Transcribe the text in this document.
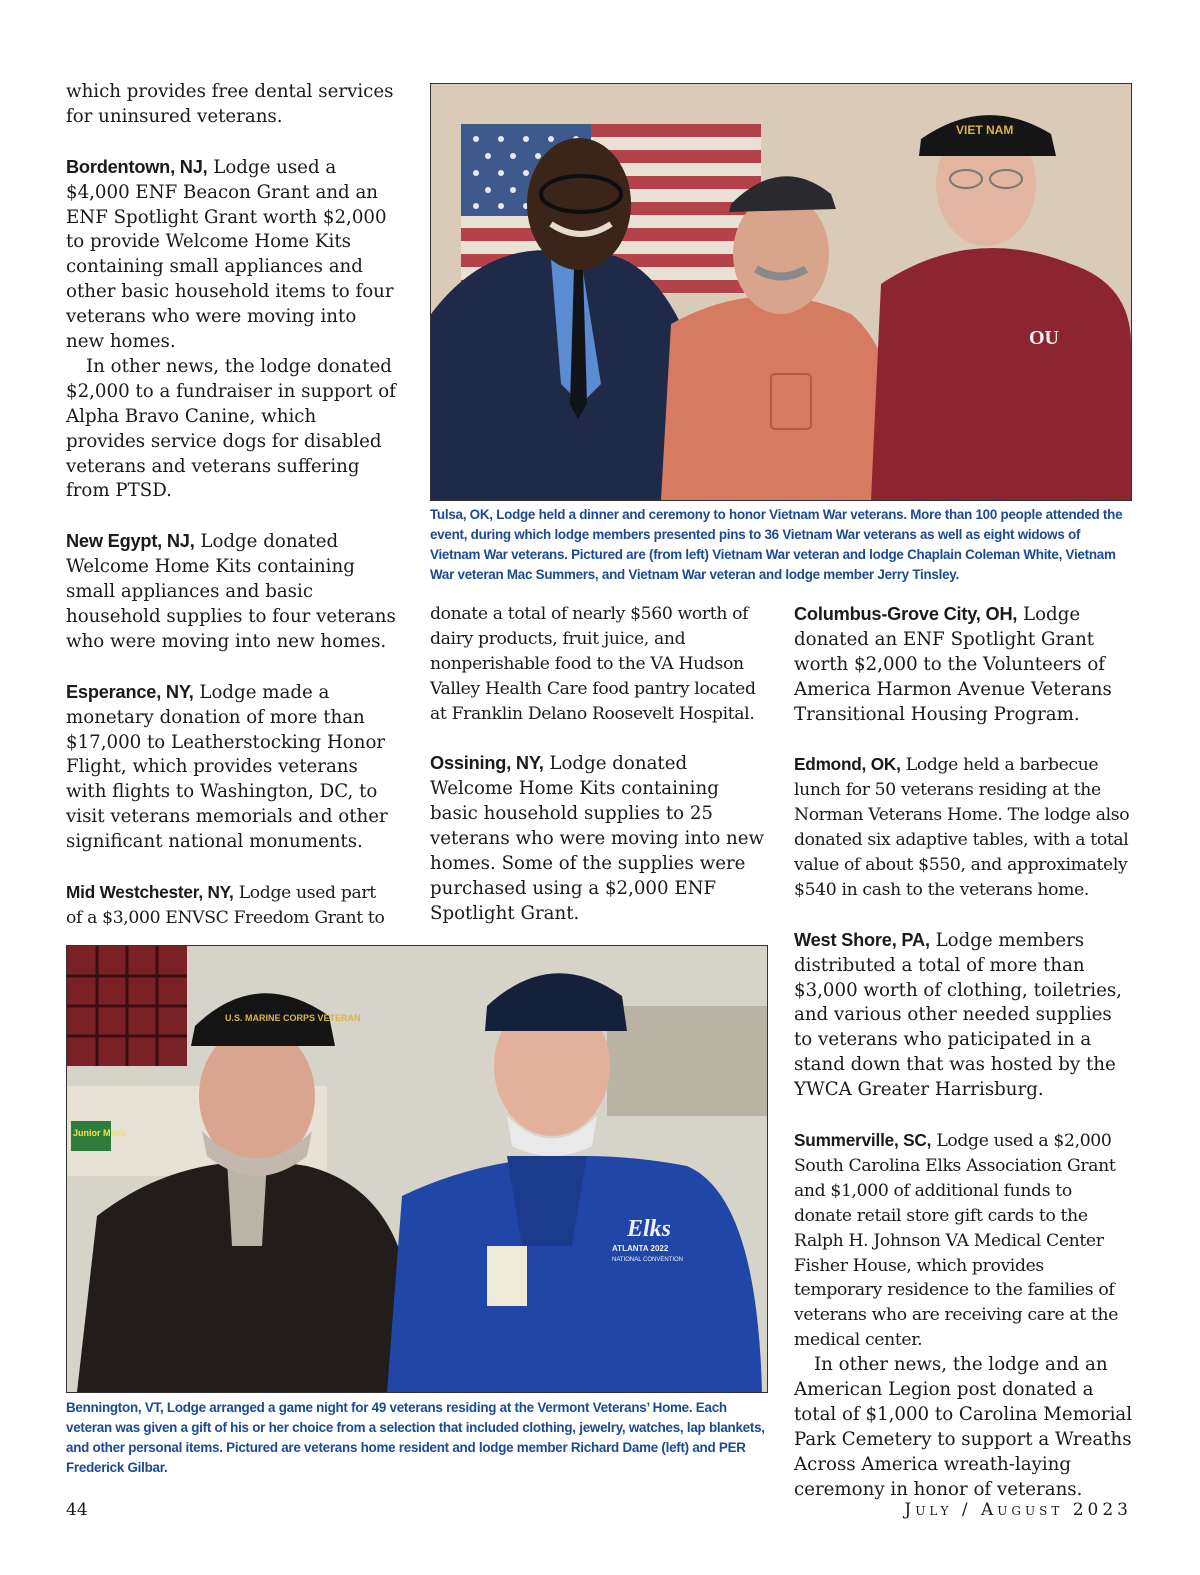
which provides free dental services for uninsured veterans.

Bordentown, NJ, Lodge used a $4,000 ENF Beacon Grant and an ENF Spotlight Grant worth $2,000 to provide Welcome Home Kits containing small appliances and other basic household items to four veterans who were moving into new homes.

In other news, the lodge donated $2,000 to a fundraiser in support of Alpha Bravo Canine, which provides service dogs for disabled veterans and veterans suffering from PTSD.

New Egypt, NJ, Lodge donated Welcome Home Kits containing small appliances and basic household supplies to four veterans who were moving into new homes.

Esperance, NY, Lodge made a monetary donation of more than $17,000 to Leatherstocking Honor Flight, which provides veterans with flights to Washington, DC, to visit veterans memorials and other significant national monuments.

Mid Westchester, NY, Lodge used part of a $3,000 ENVSC Freedom Grant to

VIET NAM
OU
Tulsa, OK, Lodge held a dinner and ceremony to honor Vietnam War veterans. More than 100 people attended the event, during which lodge members presented pins to 36 Vietnam War veterans as well as eight widows of Vietnam War veterans. Pictured are (from left) Vietnam War veteran and lodge Chaplain Coleman White, Vietnam War veteran Mac Summers, and Vietnam War veteran and lodge member Jerry Tinsley.

donate a total of nearly $560 worth of dairy products, fruit juice, and nonperishable food to the VA Hudson Valley Health Care food pantry located at Franklin Delano Roosevelt Hospital.

Ossining, NY, Lodge donated Welcome Home Kits containing basic household supplies to 25 veterans who were moving into new homes. Some of the supplies were purchased using a $2,000 ENF Spotlight Grant.

Columbus-Grove City, OH, Lodge donated an ENF Spotlight Grant worth $2,000 to the Volunteers of America Harmon Avenue Veterans Transitional Housing Program.

Edmond, OK, Lodge held a barbecue lunch for 50 veterans residing at the Norman Veterans Home. The lodge also donated six adaptive tables, with a total value of about $550, and approximately $540 in cash to the veterans home.

West Shore, PA, Lodge members distributed a total of more than $3,000 worth of clothing, toiletries, and various other needed supplies to veterans who paticipated in a stand down that was hosted by the YWCA Greater Harrisburg.

Summerville, SC, Lodge used a $2,000 South Carolina Elks Association Grant and $1,000 of additional funds to donate retail store gift cards to the Ralph H. Johnson VA Medical Center Fisher House, which provides temporary residence to the families of veterans who are receiving care at the medical center.

In other news, the lodge and an American Legion post donated a total of $1,000 to Carolina Memorial Park Cemetery to support a Wreaths Across America wreath-laying ceremony in honor of veterans.

Junior Mints
U.S. MARINE CORPS VETERAN
Elks
ATLANTA 2022
NATIONAL CONVENTION
Bennington, VT, Lodge arranged a game night for 49 veterans residing at the Vermont Veterans’ Home. Each veteran was given a gift of his or her choice from a selection that included clothing, jewelry, watches, lap blankets, and other personal items. Pictured are veterans home resident and lodge member Richard Dame (left) and PER Frederick Gilbar.
44	July / August 2023
